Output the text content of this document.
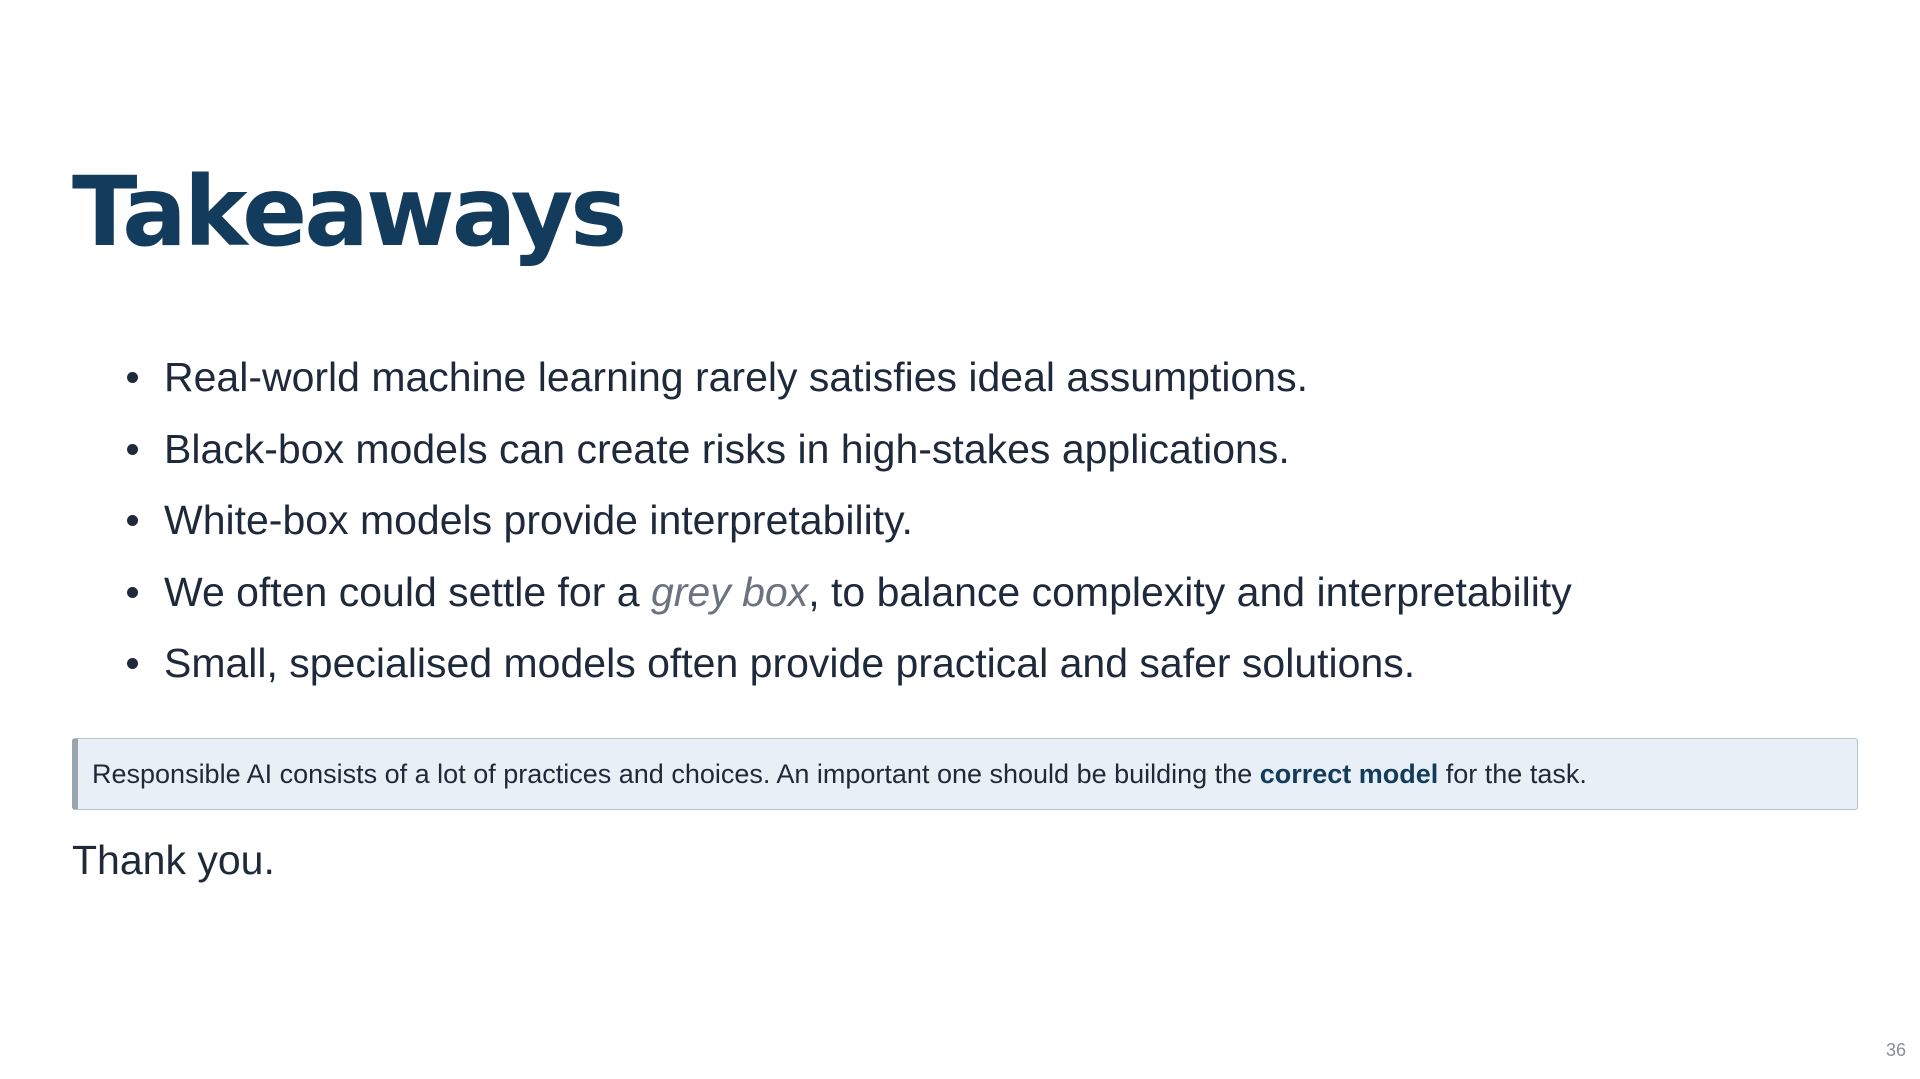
Takeaways
Real-world machine learning rarely satisfies ideal assumptions.
Black-box models can create risks in high-stakes applications.
White-box models provide interpretability.
We often could settle for a grey box, to balance complexity and interpretability
Small, specialised models often provide practical and safer solutions.
Responsible AI consists of a lot of practices and choices. An important one should be building the correct model for the task.

Thank you.

36
